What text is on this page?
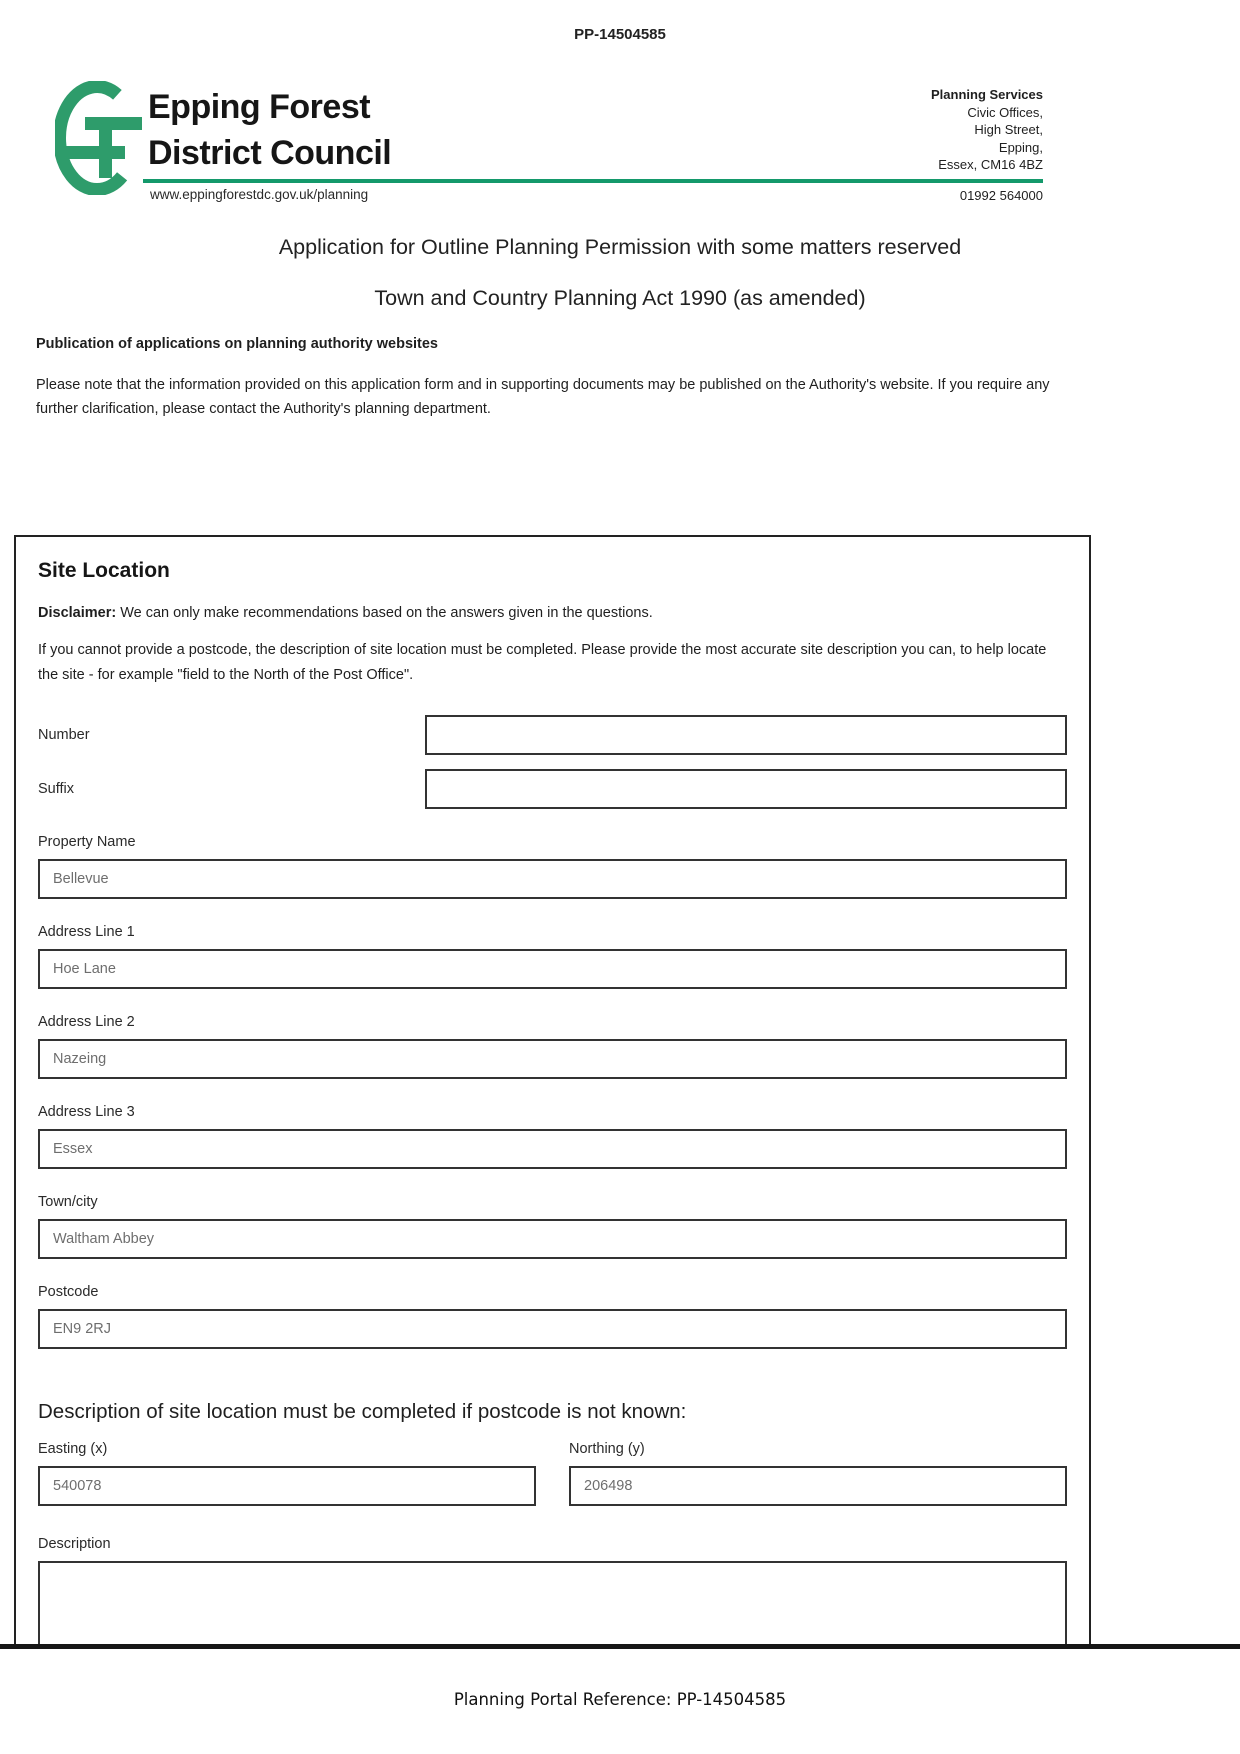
PP-14504585
Epping Forest
District Council
www.eppingforestdc.gov.uk/planning
Planning Services
Civic Offices,
High Street,
Epping,
Essex, CM16 4BZ
01992 564000
Application for Outline Planning Permission with some matters reserved
Town and Country Planning Act 1990 (as amended)
Publication of applications on planning authority websites
Please note that the information provided on this application form and in supporting documents may be published on the Authority's website. If you require any further clarification, please contact the Authority's planning department.
Site Location
Disclaimer: We can only make recommendations based on the answers given in the questions.
If you cannot provide a postcode, the description of site location must be completed. Please provide the most accurate site description you can, to help locate the site - for example "field to the North of the Post Office".
Number
Suffix
Property Name
Bellevue
Address Line 1
Hoe Lane
Address Line 2
Nazeing
Address Line 3
Essex
Town/city
Waltham Abbey
Postcode
EN9 2RJ
Description of site location must be completed if postcode is not known:
Easting (x)
540078	Northing (y)
206498
Description
Planning Portal Reference: PP-14504585
